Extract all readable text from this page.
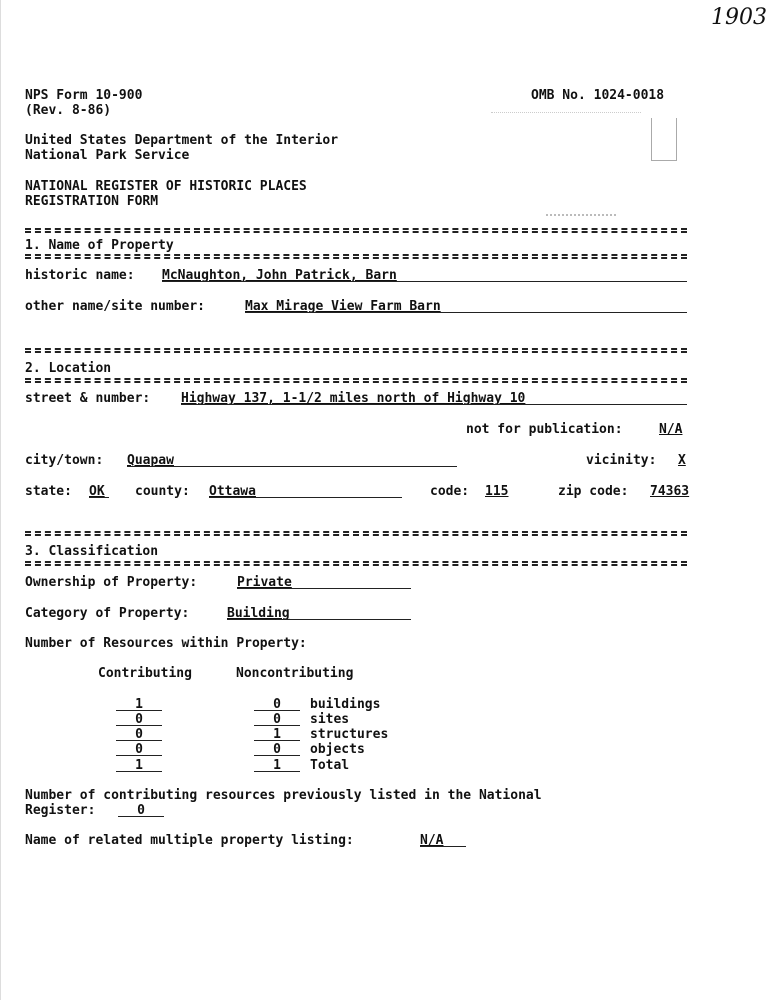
1903
NPS Form 10-900
(Rev. 8-86)
OMB No. 1024-0018
United States Department of the Interior
National Park Service
NATIONAL REGISTER OF HISTORIC PLACES
REGISTRATION FORM
1. Name of Property
historic name: McNaughton, John Patrick, Barn
other name/site number:	Max Mirage View Farm Barn
2. Location
street & number: Highway 137, 1-1/2 miles north of Highway 10
not for publication:	N/A
city/town: Quapaw	vicinity: X
state: OK county: Ottawa	code: 115	zip code: 74363
3. Classification
Ownership of Property:	Private
Category of Property:	Building
Number of Resources within Property:
Contributing	Noncontributing
1	0	buildings
0	0	sites
0	1	structures
0	0	objects
1	1	Total
Number of contributing resources previously listed in the National
Register:	0
Name of related multiple property listing:	N/A
